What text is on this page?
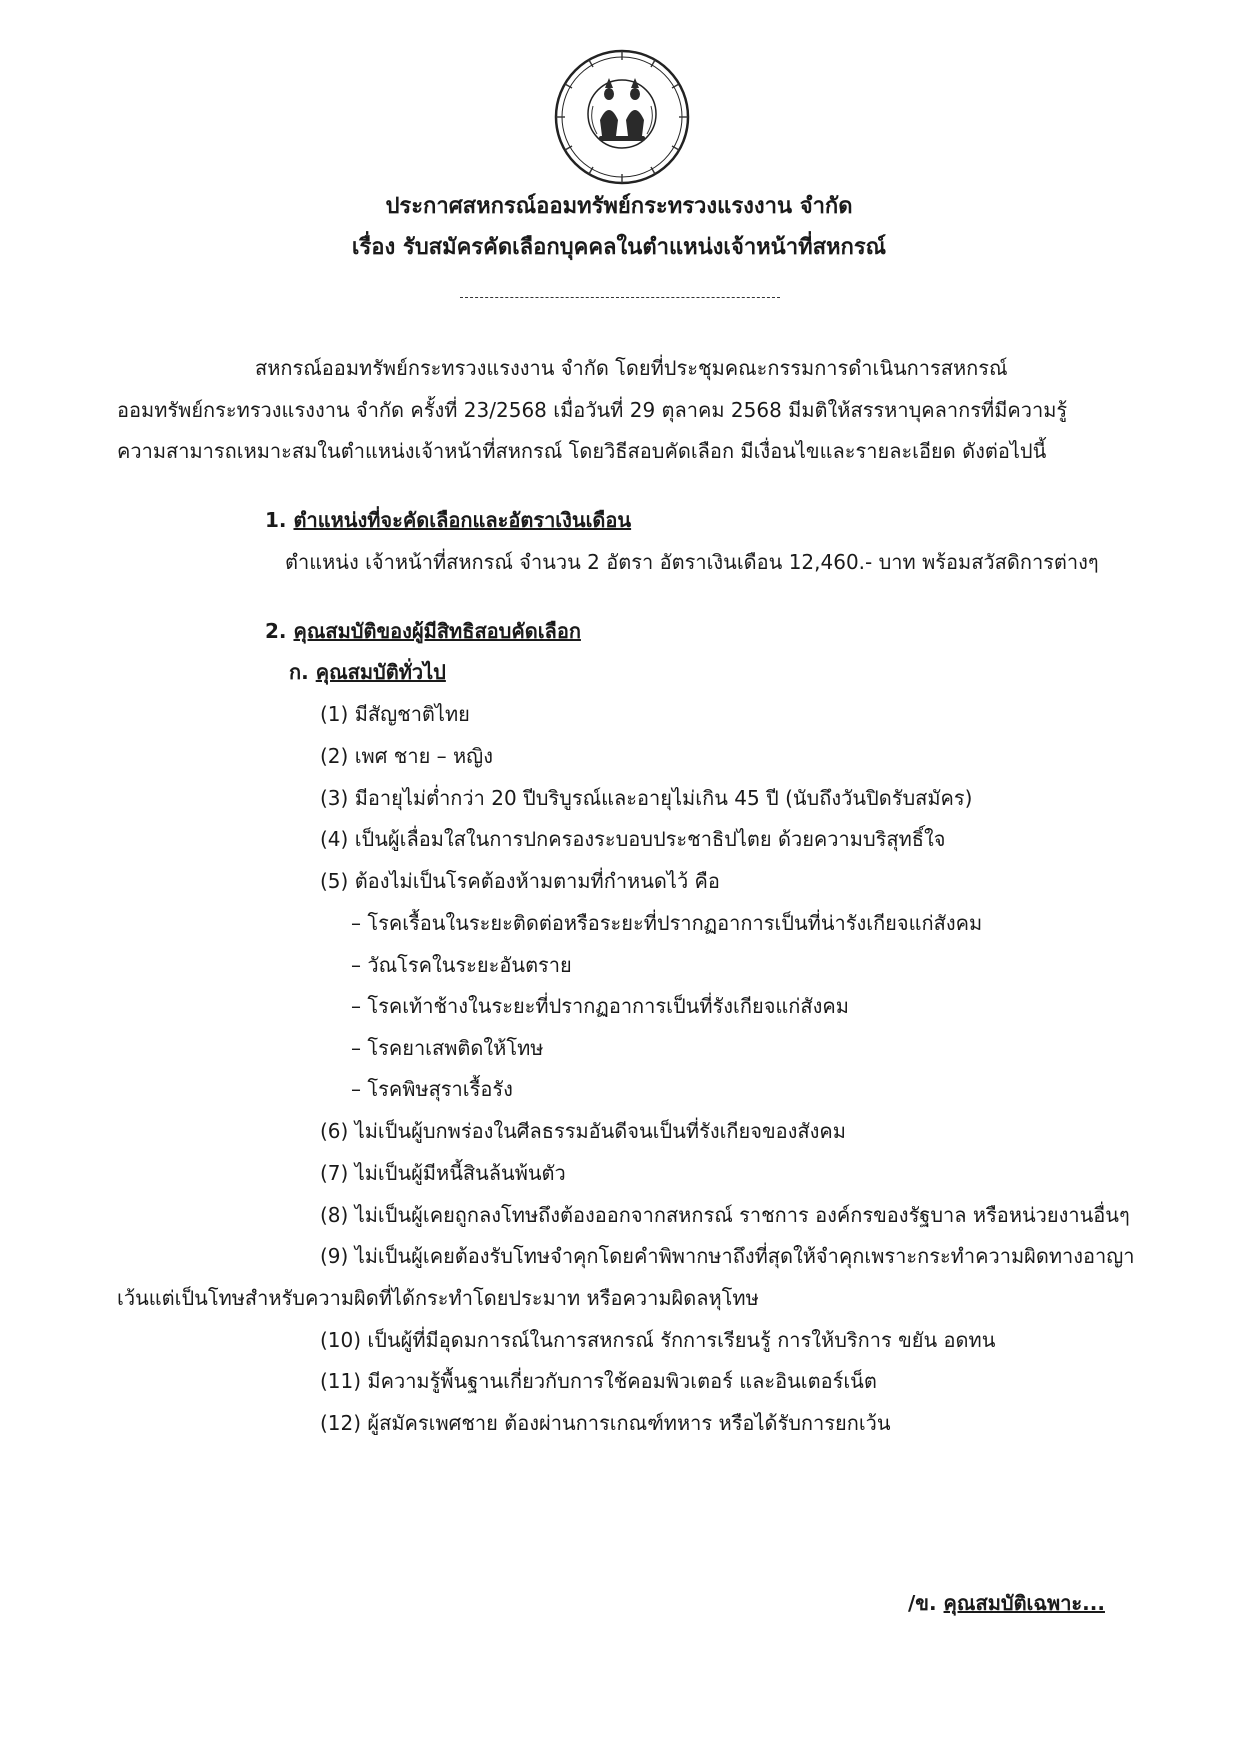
ประกาศสหกรณ์ออมทรัพย์กระทรวงแรงงาน จำกัด
เรื่อง รับสมัครคัดเลือกบุคคลในตำแหน่งเจ้าหน้าที่สหกรณ์
สหกรณ์ออมทรัพย์กระทรวงแรงงาน จำกัด โดยที่ประชุมคณะกรรมการดำเนินการสหกรณ์
ออมทรัพย์กระทรวงแรงงาน จำกัด ครั้งที่ 23/2568 เมื่อวันที่ 29 ตุลาคม 2568 มีมติให้สรรหาบุคลากรที่มีความรู้
ความสามารถเหมาะสมในตำแหน่งเจ้าหน้าที่สหกรณ์ โดยวิธีสอบคัดเลือก มีเงื่อนไขและรายละเอียด ดังต่อไปนี้
1. ตำแหน่งที่จะคัดเลือกและอัตราเงินเดือน
ตำแหน่ง เจ้าหน้าที่สหกรณ์ จำนวน 2 อัตรา อัตราเงินเดือน 12,460.- บาท พร้อมสวัสดิการต่างๆ
2. คุณสมบัติของผู้มีสิทธิสอบคัดเลือก
ก. คุณสมบัติทั่วไป
(1) มีสัญชาติไทย
(2) เพศ ชาย – หญิง
(3) มีอายุไม่ต่ำกว่า 20 ปีบริบูรณ์และอายุไม่เกิน 45 ปี (นับถึงวันปิดรับสมัคร)
(4) เป็นผู้เลื่อมใสในการปกครองระบอบประชาธิปไตย ด้วยความบริสุทธิ์ใจ
(5) ต้องไม่เป็นโรคต้องห้ามตามที่กำหนดไว้ คือ
– โรคเรื้อนในระยะติดต่อหรือระยะที่ปรากฏอาการเป็นที่น่ารังเกียจแก่สังคม
– วัณโรคในระยะอันตราย
– โรคเท้าช้างในระยะที่ปรากฏอาการเป็นที่รังเกียจแก่สังคม
– โรคยาเสพติดให้โทษ
– โรคพิษสุราเรื้อรัง
(6) ไม่เป็นผู้บกพร่องในศีลธรรมอันดีจนเป็นที่รังเกียจของสังคม
(7) ไม่เป็นผู้มีหนี้สินล้นพ้นตัว
(8) ไม่เป็นผู้เคยถูกลงโทษถึงต้องออกจากสหกรณ์ ราชการ องค์กรของรัฐบาล หรือหน่วยงานอื่นๆ
(9) ไม่เป็นผู้เคยต้องรับโทษจำคุกโดยคำพิพากษาถึงที่สุดให้จำคุกเพราะกระทำความผิดทางอาญา
เว้นแต่เป็นโทษสำหรับความผิดที่ได้กระทำโดยประมาท หรือความผิดลหุโทษ
(10) เป็นผู้ที่มีอุดมการณ์ในการสหกรณ์ รักการเรียนรู้ การให้บริการ ขยัน อดทน
(11) มีความรู้พื้นฐานเกี่ยวกับการใช้คอมพิวเตอร์ และอินเตอร์เน็ต
(12) ผู้สมัครเพศชาย ต้องผ่านการเกณฑ์ทหาร หรือได้รับการยกเว้น
/ข. คุณสมบัติเฉพาะ...
